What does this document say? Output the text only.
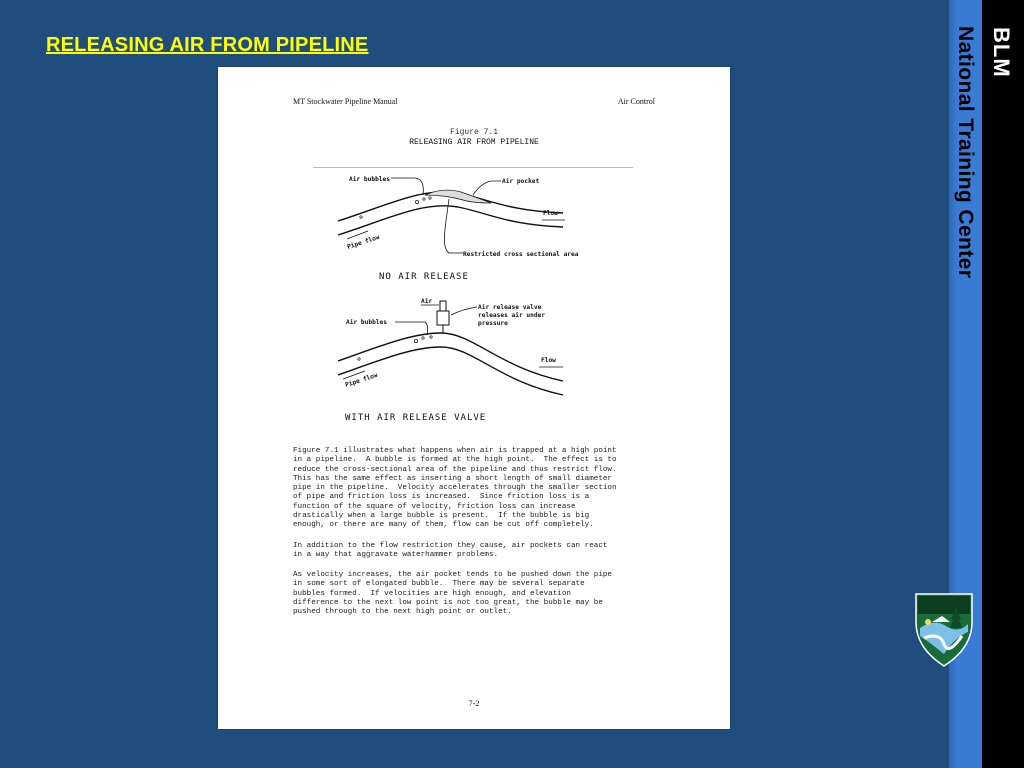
RELEASING AIR FROM PIPELINE	National Training Center BLM
MT Stockwater Pipeline Manual	Air Control
Figure 7.1
RELEASING AIR FROM PIPELINE
Pipe flow
Air bubbles	Air pocket
Flow
Restricted cross sectional area
NO AIR RELEASE
Air
Air bubbles
Air release valve
releases air under
pressure
Pipe flow
Flow
WITH AIR RELEASE VALVE
Figure 7.1 illustrates what happens when air is trapped at a high point
in a pipeline.  A bubble is formed at the high point.  The effect is to
reduce the cross-sectional area of the pipeline and thus restrict flow.
This has the same effect as inserting a short length of small diameter
pipe in the pipeline.  Velocity accelerates through the smaller section
of pipe and friction loss is increased.  Since friction loss is a
function of the square of velocity, friction loss can increase
drastically when a large bubble is present.  If the bubble is big
enough, or there are many of them, flow can be cut off completely.
In addition to the flow restriction they cause, air pockets can react
in a way that aggravate waterhammer problems.
As velocity increases, the air pocket tends to be pushed down the pipe
in some sort of elongated bubble.  There may be several separate
bubbles formed.  If velocities are high enough, and elevation
difference to the next low point is not too great, the bubble may be
pushed through to the next high point or outlet.
7-2
